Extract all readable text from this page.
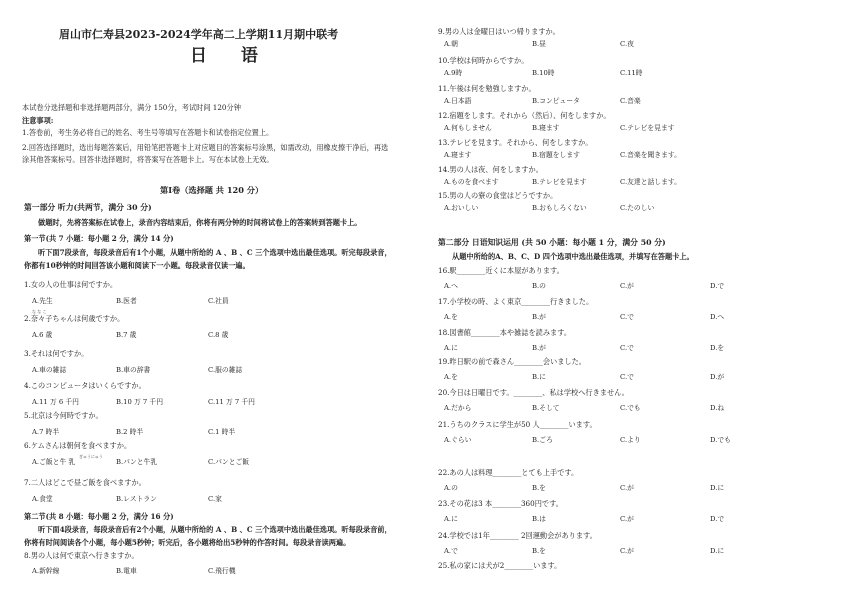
眉山市仁寿县2023-2024学年高二上学期11月期中联考
日 语
本试卷分选择题和非选择题两部分，满分 150分，考试时间 120分钟
注意事项:
1.答卷前，考生务必将自己的姓名、考生号等填写在答题卡和试卷指定位置上。
2.回答选择题时，选出每题答案后，用铅笔把答题卡上对应题目的答案标号涂黑，如需改动，用橡皮擦干净后，再选
涂其他答案标号。回答非选择题时，将答案写在答题卡上。写在本试卷上无效。
第Ⅰ卷（选择题 共 120 分）
第一部分 听力(共两节，满分 30 分)
做题时，先将答案标在试卷上，录音内容结束后，你将有两分钟的时间将试卷上的答案转到答题卡上。
第一节(共 7 小题：每小题 2 分，满分 14 分)
听下面7段录音，每段录音后有1个小题，从题中所给的 A 、B 、C 三个选项中选出最佳选项。听完每段录音，
你都有10秒钟的时间回答该小题和阅读下一小题。每段录音仅读一遍。
1.女の人の仕事は何ですか。
A.先生	B.医者	C.社員
2.奈々子ちゃんは何歳ですか。
A.6 歳	B.7 歳	C.8 歳
3.それは何ですか。
A.車の雑誌	B.車の辞書	C.服の雑誌
4.このコンピュータはいくらですか。
A.11 万 6 千円	B.10 万 7 千円	C.11 万 7 千円
5.北京は今何時ですか。
A.7 時半	B.2 時半	C.1 時半
6.ケムさんは朝何を食べますか。
A.ご飯と牛 乳	B.パンと牛乳	C.パンとご飯
7.二人はどこで昼ご飯を食べますか。
A.食堂	B.レストラン	C.家
な な こ
ぎゅうにゅう
第二节(共 8 小题：每小题 2 分，满分 16 分)
听下面4段录音，每段录音后有2个小题，从题中所给的 A 、B 、C 三个选项中选出最佳选项。听每段录音前，
你将有时间阅读各个小题，每小题5秒钟；听完后，各小题将给出5秒钟的作答时间。每段录音读两遍。
8.男の人は何で東京へ行きますか。
A.新幹線	B.電車	C.飛行機
9.男の人は金曜日はいつ帰りますか。
A.朝	B.昼	C.夜
10.学校は何時からですか。
A.9時	B.10時	C.11時
11.午後は何を勉強しますか。
A.日本語	B.コンピュータ	C.音楽
12.宿題をします。それから（然后）、何をしますか。
A.何もしません	B.寝ます	C.テレビを見ます
13.テレビを見ます。それから、何をしますか。
A.寝ます	B.宿題をします	C.音楽を聞きます。
14.男の人は夜、何をしますか。
A.ものを食べます	B.テレビを見ます	C.友達と話します。
15.男の人の寮の食堂はどうですか。
A.おいしい	B.おもしろくない	C.たのしい
第二部分 日语知识运用 (共 50 小题：每小题 1 分，满分 50 分)
从题中所给的A、B、C、D 四个选项中选出最佳选项，并填写在答题卡上。
16.駅________近くに本屋があります。
A.へ	B.の	C.が	D.で
17.小学校の時、よく東京________行きました。
A.を	B.が	C.で	D.へ
18.図書館________本や雑誌を読みます。
A.に	B.が	C.で	D.を
19.昨日駅の前で森さん________会いました。
A.を	B.に	C.で	D.が
20.今日は日曜日です。________、私は学校へ行きません。
A.だから	B.そして	C.でも	D.ね
21.うちのクラスに学生が50 人________います。
A.ぐらい	B.ごろ	C.より	D.でも
22.あの人は料理________とても上手です。
A.の	B.を	C.が	D.に
23.その花は3 本________360円です。
A.に	B.は	C.が	D.で
24.学校では1年________ 2回運動会があります。
A.で	B.を	C.が	D.に
25.私の家には犬が2________います。
